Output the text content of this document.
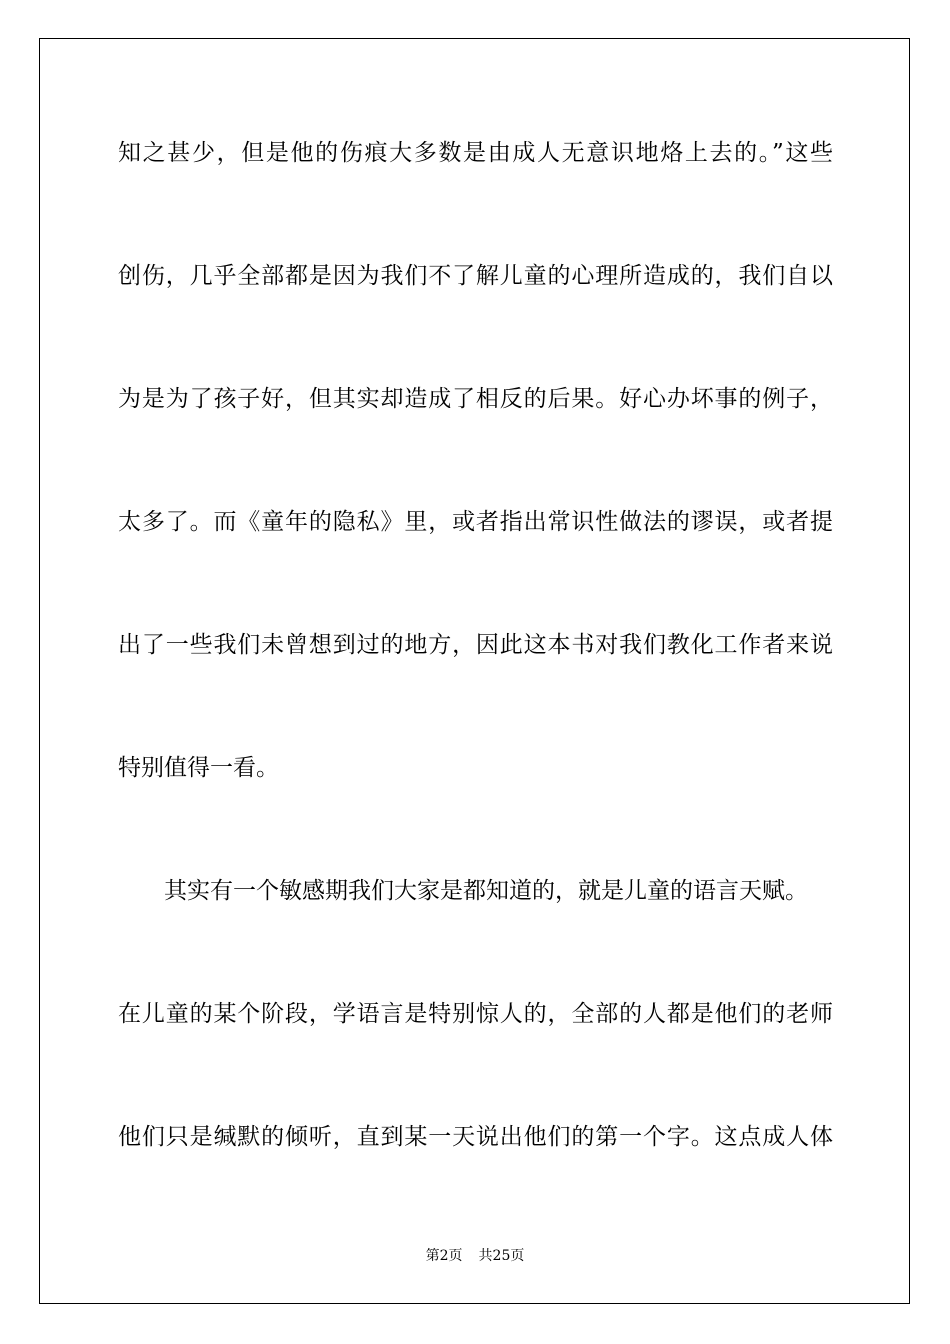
知之甚少，但是他的伤痕大多数是由成人无意识地烙上去的。”这些
创伤，几乎全部都是因为我们不了解儿童的心理所造成的，我们自以
为是为了孩子好，但其实却造成了相反的后果。好心办坏事的例子，
太多了。而《童年的隐私》里，或者指出常识性做法的谬误，或者提
出了一些我们未曾想到过的地方，因此这本书对我们教化工作者来说
特别值得一看。
其实有一个敏感期我们大家是都知道的，就是儿童的语言天赋。
在儿童的某个阶段，学语言是特别惊人的，全部的人都是他们的老师
他们只是缄默的倾听，直到某一天说出他们的第一个字。这点成人体
第2页 共25页
